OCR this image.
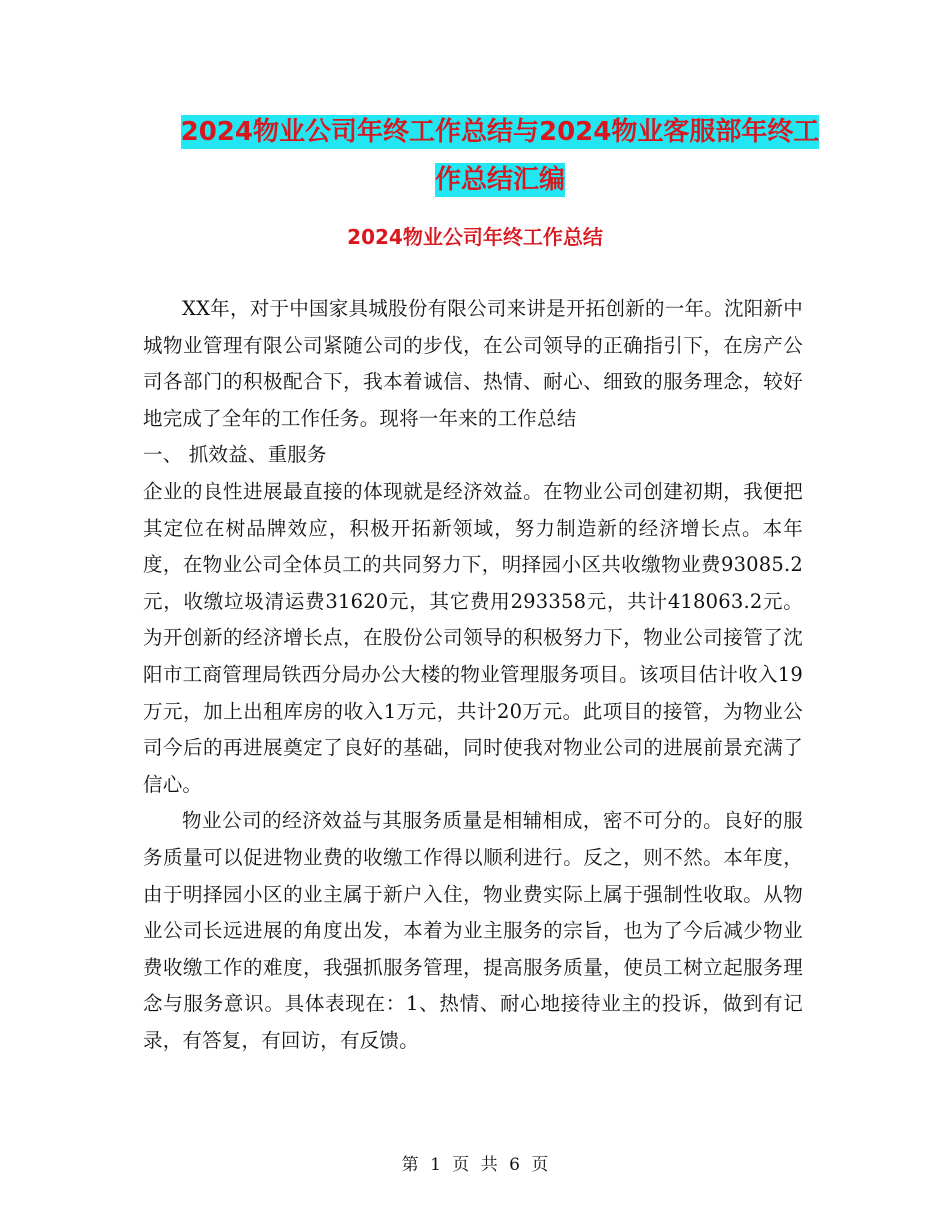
2024物业公司年终工作总结与2024物业客服部年终工
作总结汇编
2024物业公司年终工作总结

XX年，对于中国家具城股份有限公司来讲是开拓创新的一年。沈阳新中城物业管理有限公司紧随公司的步伐，在公司领导的正确指引下，在房产公司各部门的积极配合下，我本着诚信、热情、耐心、细致的服务理念，较好地完成了全年的工作任务。现将一年来的工作总结

一、 抓效益、重服务

企业的良性进展最直接的体现就是经济效益。在物业公司创建初期，我便把其定位在树品牌效应，积极开拓新领域，努力制造新的经济增长点。本年度，在物业公司全体员工的共同努力下，明择园小区共收缴物业费93085.2元，收缴垃圾清运费31620元，其它费用293358元，共计418063.2元。为开创新的经济增长点，在股份公司领导的积极努力下，物业公司接管了沈阳市工商管理局铁西分局办公大楼的物业管理服务项目。该项目估计收入19万元，加上出租库房的收入1万元，共计20万元。此项目的接管，为物业公司今后的再进展奠定了良好的基础，同时使我对物业公司的进展前景充满了信心。

物业公司的经济效益与其服务质量是相辅相成，密不可分的。良好的服务质量可以促进物业费的收缴工作得以顺利进行。反之，则不然。本年度，由于明择园小区的业主属于新户入住，物业费实际上属于强制性收取。从物业公司长远进展的角度出发，本着为业主服务的宗旨，也为了今后减少物业费收缴工作的难度，我强抓服务管理，提高服务质量，使员工树立起服务理念与服务意识。具体表现在：1、热情、耐心地接待业主的投诉，做到有记录，有答复，有回访，有反馈。

第 1 页 共 6 页
